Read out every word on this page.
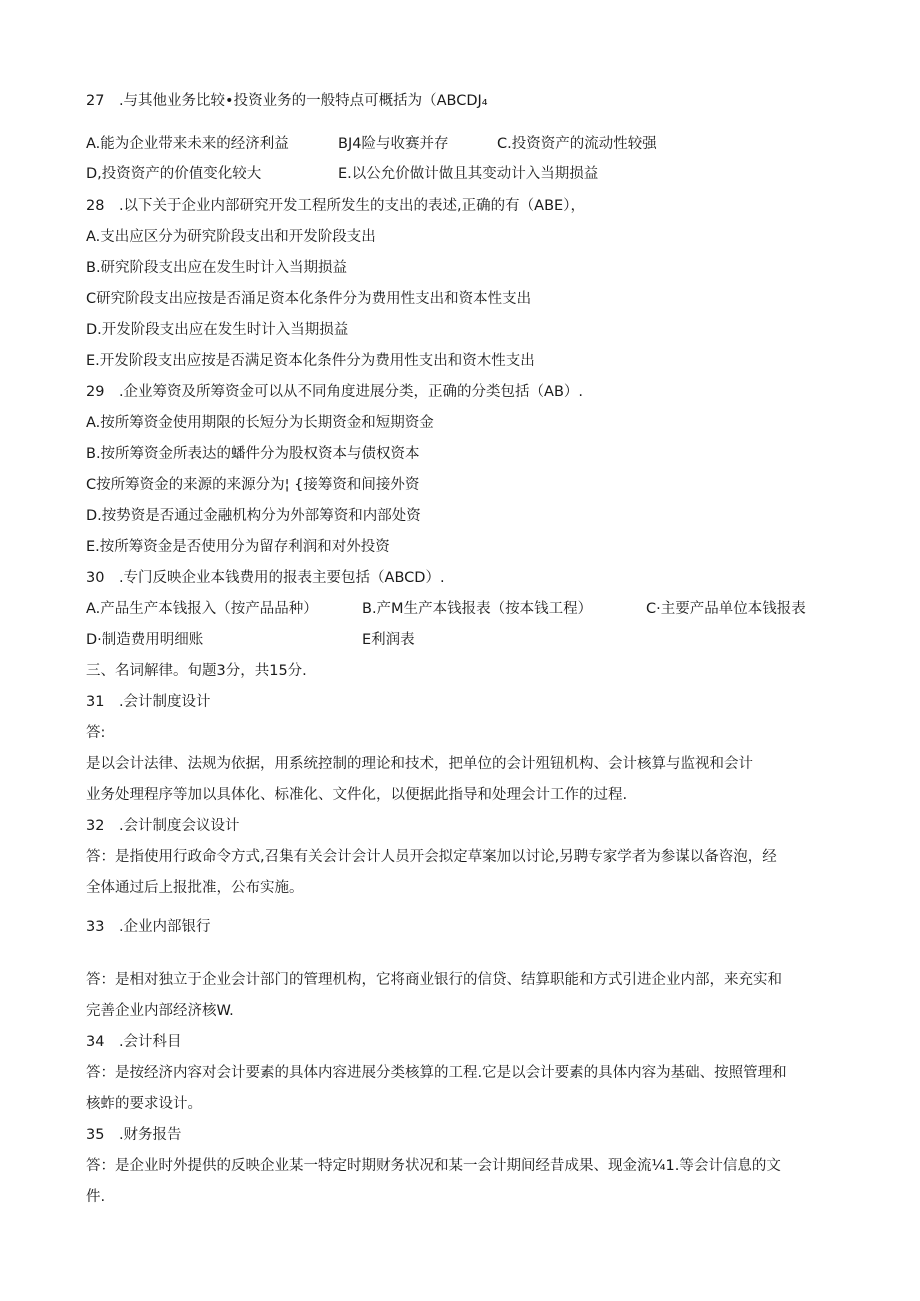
27　.与其他业务比较•投资业务的一般特点可概括为（ABCDJ₄
A.能为企业带来未来的经济利益	BJ4险与收赛并存	C.投资资产的流动性较强
D,投资资产的价值变化较大	E.以公允价做计做且其变动计入当期损益
28　.以下关于企业内部研究开发工程所发生的支出的表述,正确的有（ABE），
A.支出应区分为研究阶段支出和开发阶段支出
B.研究阶段支出应在发生时计入当期损益
C研究阶段支出应按是否涌足资本化条件分为费用性支出和资本性支出
D.开发阶段支出应在发生时计入当期损益
E.开发阶段支出应按是否满足资本化条件分为费用性支出和资木性支出
29　.企业筹资及所筹资金可以从不同角度进展分类，正确的分类包括（AB）.
A.按所筹资金使用期限的长短分为长期资金和短期资金
B.按所筹资金所表达的蟠件分为股权资本与债权资本
C按所筹资金的来源的来源分为¦ {接筹资和间接外资
D.按势资是否通过金融机构分为外部筹资和内部处资
E.按所筹资金是否使用分为留存利润和对外投资
30　.专门反映企业本钱费用的报表主要包括（ABCD）.
A.产品生产本钱报入（按产品品种）	B.产M生产本钱报表（按本钱工程）	C·主要产品单位本钱报表
D·制造费用明细账	E利润表
三、名词解律。旬题3分，共15分.
31　.会计制度设计
答:
是以会计法律、法规为依据，用系统控制的理论和技术，把单位的会计殂钮机构、会计核算与监视和会计
业务处理程序等加以具体化、标准化、文件化，以便据此指导和处理会计工作的过程.
32　.会计制度会议设计
答：是指使用行政命令方式,召集有关会计会计人员开会拟定草案加以讨论,另聘专家学者为参谋以备咨泡，经
全体通过后上报批准，公布实施。
33　.企业内部银行
答：是相对独立于企业会计部门的管理机构，它将商业银行的信贷、结算职能和方式引进企业内部，来充实和
完善企业内部经济核W.
34　.会计科目
答：是按经济内容对会计要素的具体内容进展分类核算的工程.它是以会计要素的具体内容为基础、按照管理和
核蚱的要求设计。
35　.财务报告
答：是企业时外提供的反映企业某一特定时期财务状况和某一会计期间经昔成果、现金流¼1.等会计信息的文
件.
